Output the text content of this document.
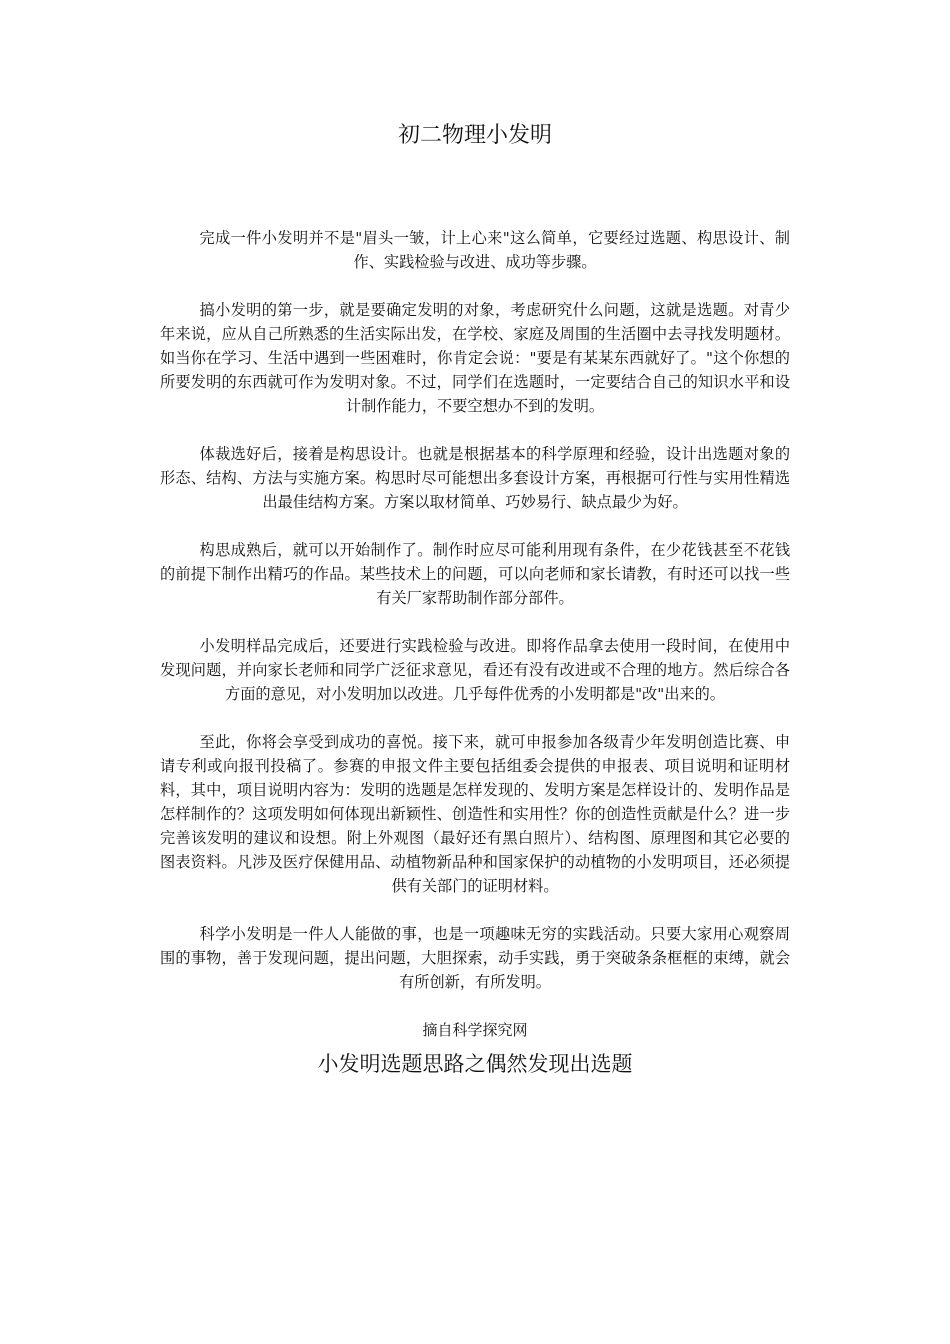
初二物理小发明

完成一件小发明并不是"眉头一皱，计上心来"这么简单，它要经过选题、构思设计、制作、实践检验与改进、成功等步骤。

搞小发明的第一步，就是要确定发明的对象，考虑研究什么问题，这就是选题。对青少年来说，应从自己所熟悉的生活实际出发，在学校、家庭及周围的生活圈中去寻找发明题材。如当你在学习、生活中遇到一些困难时，你肯定会说："要是有某某东西就好了。"这个你想的所要发明的东西就可作为发明对象。不过，同学们在选题时，一定要结合自己的知识水平和设计制作能力，不要空想办不到的发明。

体裁选好后，接着是构思设计。也就是根据基本的科学原理和经验，设计出选题对象的形态、结构、方法与实施方案。构思时尽可能想出多套设计方案，再根据可行性与实用性精选出最佳结构方案。方案以取材简单、巧妙易行、缺点最少为好。

构思成熟后，就可以开始制作了。制作时应尽可能利用现有条件，在少花钱甚至不花钱的前提下制作出精巧的作品。某些技术上的问题，可以向老师和家长请教，有时还可以找一些有关厂家帮助制作部分部件。

小发明样品完成后，还要进行实践检验与改进。即将作品拿去使用一段时间，在使用中发现问题，并向家长老师和同学广泛征求意见，看还有没有改进或不合理的地方。然后综合各方面的意见，对小发明加以改进。几乎每件优秀的小发明都是"改"出来的。

至此，你将会享受到成功的喜悦。接下来，就可申报参加各级青少年发明创造比赛、申请专利或向报刊投稿了。参赛的申报文件主要包括组委会提供的申报表、项目说明和证明材料，其中，项目说明内容为：发明的选题是怎样发现的、发明方案是怎样设计的、发明作品是怎样制作的？这项发明如何体现出新颖性、创造性和实用性？你的创造性贡献是什么？进一步完善该发明的建议和设想。附上外观图（最好还有黑白照片）、结构图、原理图和其它必要的图表资料。凡涉及医疗保健用品、动植物新品种和国家保护的动植物的小发明项目，还必须提供有关部门的证明材料。

科学小发明是一件人人能做的事，也是一项趣味无穷的实践活动。只要大家用心观察周围的事物，善于发现问题，提出问题，大胆探索，动手实践，勇于突破条条框框的束缚，就会有所创新，有所发明。

摘自科学探究网

小发明选题思路之偶然发现出选题
